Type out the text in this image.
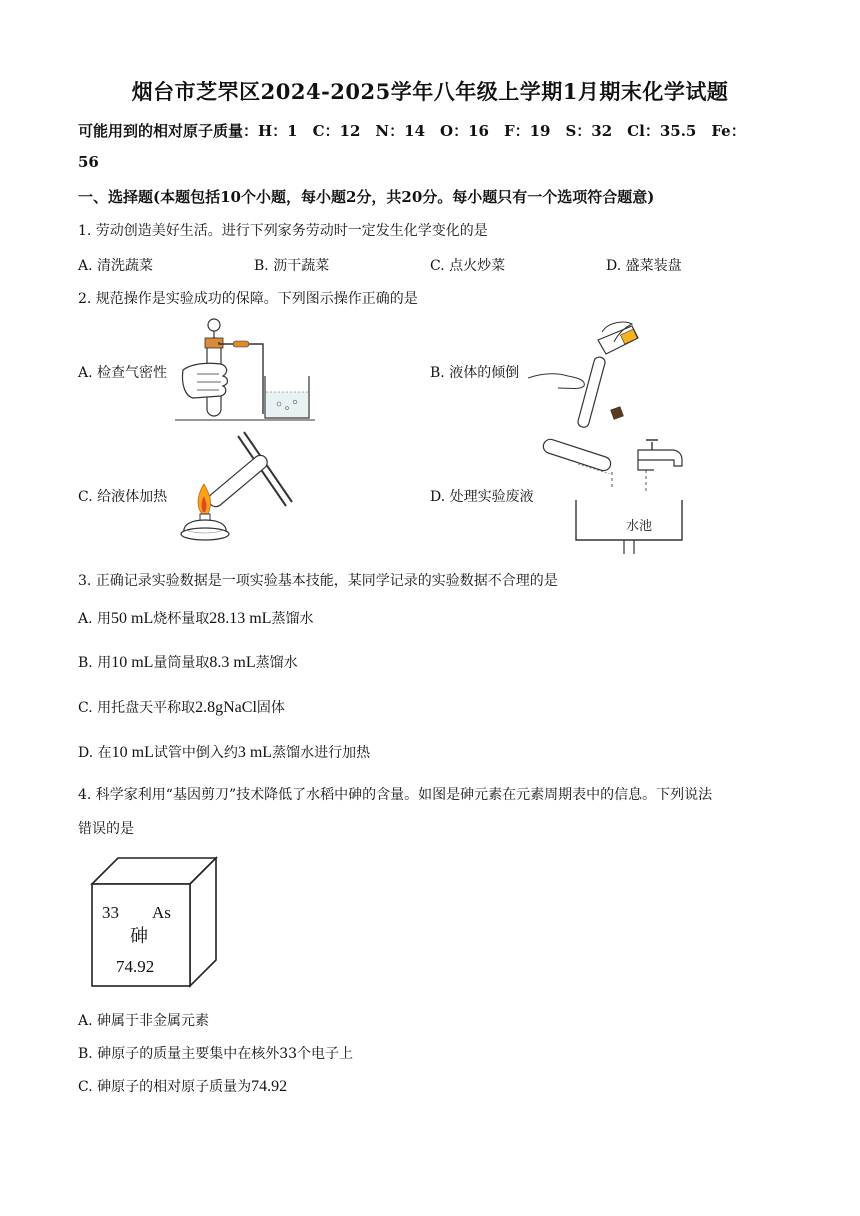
烟台市芝罘区2024-2025学年八年级上学期1月期末化学试题
可能用到的相对原子质量：H：1　C：12　N：14　O：16　F：19　S：32　Cl：35.5　Fe：
56
一、选择题(本题包括10个小题，每小题2分，共20分。每小题只有一个选项符合题意)
1. 劳动创造美好生活。进行下列家务劳动时一定发生化学变化的是
A. 清洗蔬菜	B. 沥干蔬菜	C. 点火炒菜	D. 盛菜装盘
2. 规范操作是实验成功的保障。下列图示操作正确的是
A. 检查气密性	B. 液体的倾倒
C. 给液体加热	D. 处理实验废液
水池
3. 正确记录实验数据是一项实验基本技能，某同学记录的实验数据不合理的是
A. 用50 mL烧杯量取28.13 mL蒸馏水
B. 用10 mL量筒量取8.3 mL蒸馏水
C. 用托盘天平称取2.8gNaCl固体
D. 在10 mL试管中倒入约3 mL蒸馏水进行加热
4. 科学家利用“基因剪刀”技术降低了水稻中砷的含量。如图是砷元素在元素周期表中的信息。下列说法
错误的是
33 As
砷
74.92
A. 砷属于非金属元素
B. 砷原子的质量主要集中在核外33个电子上
C. 砷原子的相对原子质量为74.92
